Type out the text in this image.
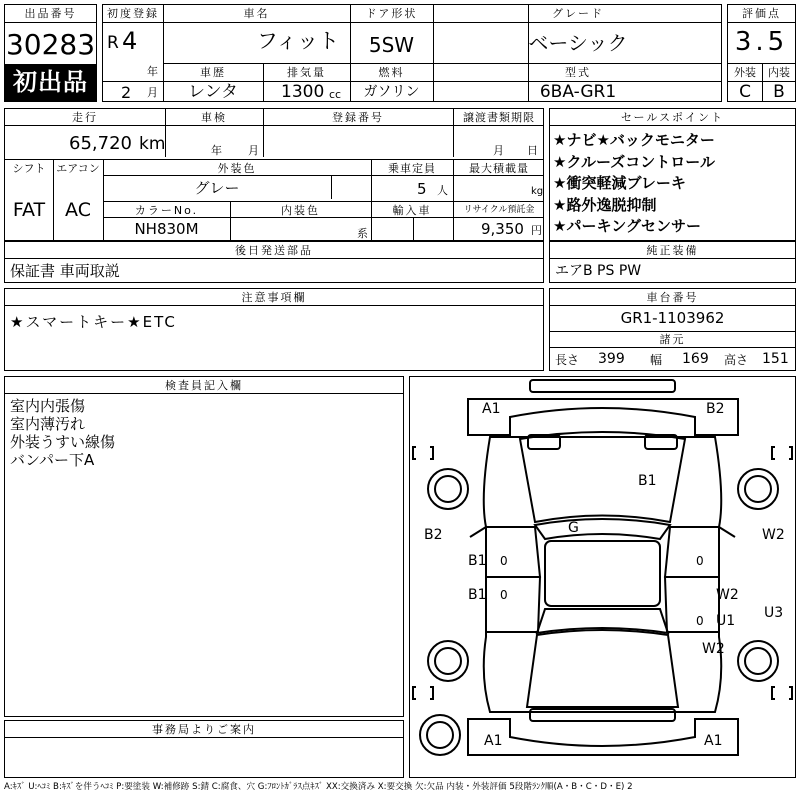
出品番号
30283
初出品
初度登録
R 4
年
2 月
車名
フィット
車歴
レンタ
排気量
1300 cc
ドア形状
5SW
燃料
ガソリン
グレード
ベーシック
型式
6BA-GR1
評価点
3.5
外装	内装
C	B
走行
65,720 km
車検
年 月
登録番号	譲渡書類期限
月 日
シフト
FAT
エアコン
AC
外装色
グレー
乗車定員
5 人
最大積載量
kg
カラーNo.
NH830M
内装色
系
輸入車	リサイクル預託金
9,350 円
セールスポイント
★ナビ★バックモニター
★クルーズコントロール
★衝突軽減ブレーキ
★路外逸脱抑制
★パーキングセンサー
後日発送部品
保証書 車両取説
純正装備
エアB PS PW
注意事項欄
★スマートキー★ETC
車台番号
GR1-1103962
諸元
長さ 399 幅 169 高さ 151
検査員記入欄
室内内張傷
室内薄汚れ
外装うすい線傷
バンパー下A
事務局よりご案内
A1	B2
B1
G
B2
B1
B1
W2
W2
U1 U3
W2
A1	A1
0
0
0
0
A:ｷｽﾞ U:ﾍｺﾐ B:ｷｽﾞを伴うﾍｺﾐ P:要塗装 W:補修跡 S:錆 C:腐食、穴 G:ﾌﾛﾝﾄｶﾞﾗｽ点ｷｽﾞ XX:交換済み X:要交換 欠:欠品 内装・外装評価 5段階ﾗﾝｸ順(A・B・C・D・E) 2
